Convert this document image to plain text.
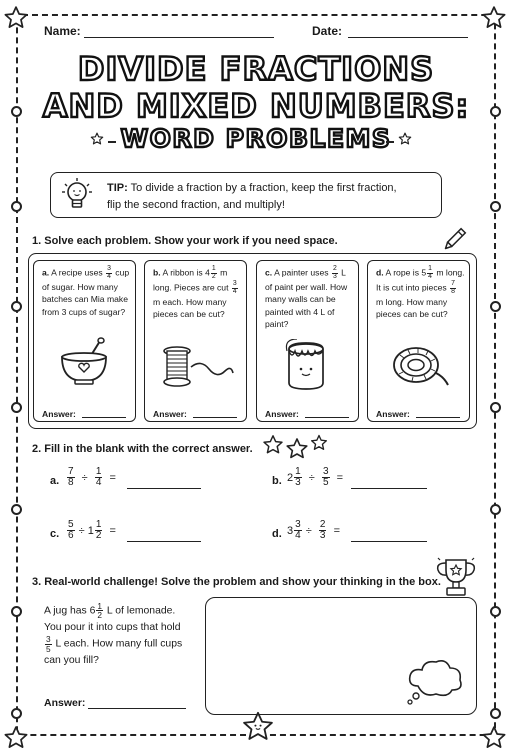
Name:	Date:
DIVIDE FRACTIONS
AND MIXED NUMBERS:
WORD PROBLEMS
TIP: To divide a fraction by a fraction, keep the first fraction,
flip the second fraction, and multiply!
1. Solve each problem. Show your work if you need space.
a. A recipe uses $\frac{3}{4}$ cup of sugar. How many batches can Mia make from 3 cups of sugar?
Answer:
b. A ribbon is $4 \frac{1}{2}$ m long. Pieces are cut $\frac{3}{4}$
m each. How many pieces can be cut?
Answer:
c. A painter uses $\frac{2}{3}$ L of paint per wall. How many walls can be painted with 4 L of paint?
Answer:
d. A rope is $5 \frac{1}{4}$ m long. It is cut into pieces $\frac{7}{8}$
m long. How many pieces can be cut?
Answer:
2. Fill in the blank with the correct answer.
a. $\frac{7}{8} \div \frac{1}{4}$ =	b. $2 \frac{1}{3} \div \frac{3}{5}$ =
c. $\frac{5}{6} \div 1 \frac{1}{2}$ =	d. $3 \frac{3}{4} \div \frac{2}{3}$ =
3. Real-world challenge! Solve the problem and show your thinking in the box.
A jug has $6 \frac{1}{2}$ L of lemonade.
You pour it into cups that hold

$\frac{3}{5}$ L each. How many full cups
can you fill?
Answer:
